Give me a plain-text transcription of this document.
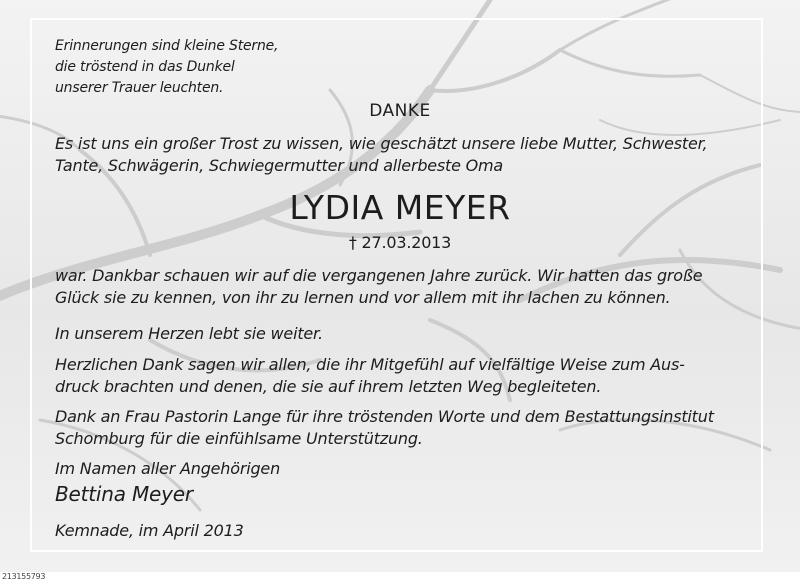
Erinnerungen sind kleine Sterne,
die tröstend in das Dunkel
unserer Trauer leuchten.
DANKE
Es ist uns ein großer Trost zu wissen, wie geschätzt unsere liebe Mutter, Schwester,
Tante, Schwägerin, Schwiegermutter und allerbeste Oma
LYDIA MEYER
† 27.03.2013
war. Dankbar schauen wir auf die vergangenen Jahre zurück. Wir hatten das große
Glück sie zu kennen, von ihr zu lernen und vor allem mit ihr lachen zu können.
In unserem Herzen lebt sie weiter.
Herzlichen Dank sagen wir allen, die ihr Mitgefühl auf vielfältige Weise zum Aus-
druck brachten und denen, die sie auf ihrem letzten Weg begleiteten.
Dank an Frau Pastorin Lange für ihre tröstenden Worte und dem Bestattungsinstitut
Schomburg für die einfühlsame Unterstützung.
Im Namen aller Angehörigen
Bettina Meyer
Kemnade, im April 2013
213155793
